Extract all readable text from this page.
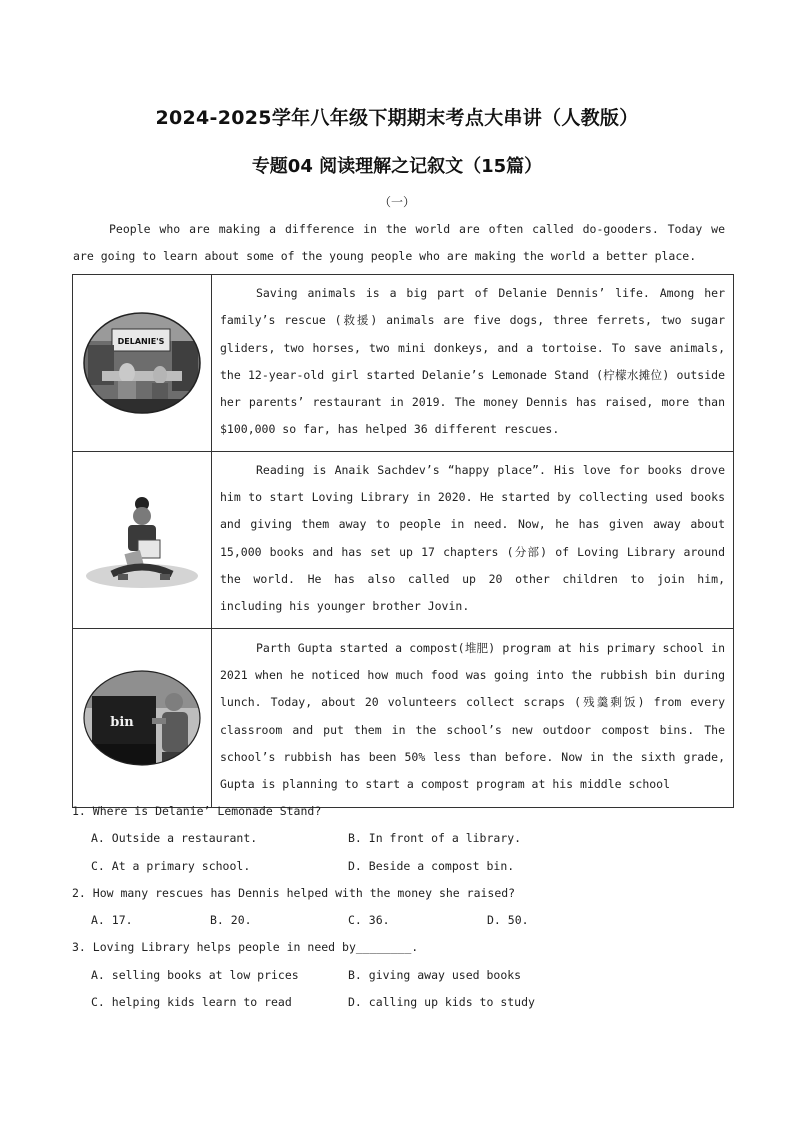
2024-2025学年八年级下期期末考点大串讲（人教版）
专题04 阅读理解之记叙文（15篇）
（一）
People who are making a difference in the world are often called do-gooders. Today we are going to learn about some of the young people who are making the world a better place.
DELANIE'S	Saving animals is a big part of Delanie Dennis’ life. Among her family’s rescue (救援) animals are five dogs, three ferrets, two sugar gliders, two horses, two mini donkeys, and a tortoise. To save animals, the 12-year-old girl started Delanie’s Lemonade Stand (柠檬水摊位) outside her parents’ restaurant in 2019. The money Dennis has raised, more than $100,000 so far, has helped 36 different rescues.

	Reading is Anaik Sachdev’s “happy place”. His love for books drove him to start Loving Library in 2020. He started by collecting used books and giving them away to people in need. Now, he has given away about 15,000 books and has set up 17 chapters (分部) of Loving Library around the world. He has also called up 20 other children to join him, including his younger brother Jovin.

bin	Parth Gupta started a compost(堆肥) program at his primary school in 2021 when he noticed how much food was going into the rubbish bin during lunch. Today, about 20 volunteers collect scraps (残羹剩饭) from every classroom and put them in the school’s new outdoor compost bins. The school’s rubbish has been 50% less than before. Now in the sixth grade, Gupta is planning to start a compost program at his middle school
1. Where is Delanie’ Lemonade Stand?
A. Outside a restaurant.	B. In front of a library.
C. At a primary school.	D. Beside a compost bin.
2. How many rescues has Dennis helped with the money she raised?
A. 17.	B. 20.	C. 36.	D. 50.
3. Loving Library helps people in need by________.
A. selling books at low prices	B. giving away used books
C. helping kids learn to read	D. calling up kids to study
